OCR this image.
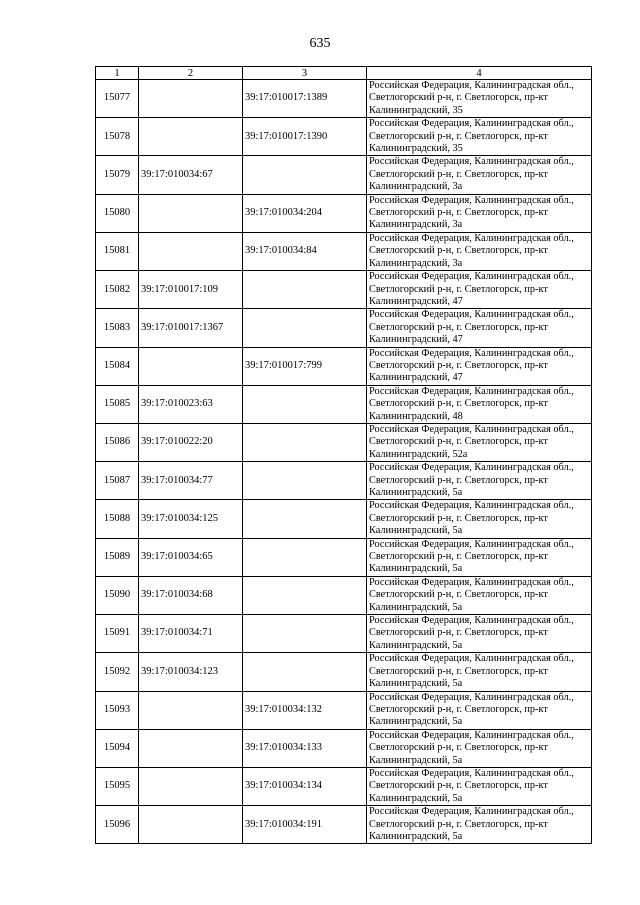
635
1	2	3	4
15077		39:17:010017:1389	Российская Федерация, Калининградская обл.,
Светлогорский р-н, г. Светлогорск, пр-кт
Калининградский, 35

15078		39:17:010017:1390	Российская Федерация, Калининградская обл.,
Светлогорский р-н, г. Светлогорск, пр-кт
Калининградский, 35

15079	39:17:010034:67		Российская Федерация, Калининградская обл.,
Светлогорский р-н, г. Светлогорск, пр-кт
Калининградский, 3а

15080		39:17:010034:204	Российская Федерация, Калининградская обл.,
Светлогорский р-н, г. Светлогорск, пр-кт
Калининградский, 3а

15081		39:17:010034:84	Российская Федерация, Калининградская обл.,
Светлогорский р-н, г. Светлогорск, пр-кт
Калининградский, 3а

15082	39:17:010017:109		Российская Федерация, Калининградская обл.,
Светлогорский р-н, г. Светлогорск, пр-кт
Калининградский, 47

15083	39:17:010017:1367		Российская Федерация, Калининградская обл.,
Светлогорский р-н, г. Светлогорск, пр-кт
Калининградский, 47

15084		39:17:010017:799	Российская Федерация, Калининградская обл.,
Светлогорский р-н, г. Светлогорск, пр-кт
Калининградский, 47

15085	39:17:010023:63		Российская Федерация, Калининградская обл.,
Светлогорский р-н, г. Светлогорск, пр-кт
Калининградский, 48

15086	39:17:010022:20		Российская Федерация, Калининградская обл.,
Светлогорский р-н, г. Светлогорск, пр-кт
Калининградский, 52а

15087	39:17:010034:77		Российская Федерация, Калининградская обл.,
Светлогорский р-н, г. Светлогорск, пр-кт
Калининградский, 5а

15088	39:17:010034:125		Российская Федерация, Калининградская обл.,
Светлогорский р-н, г. Светлогорск, пр-кт
Калининградский, 5а

15089	39:17:010034:65		Российская Федерация, Калининградская обл.,
Светлогорский р-н, г. Светлогорск, пр-кт
Калининградский, 5а

15090	39:17:010034:68		Российская Федерация, Калининградская обл.,
Светлогорский р-н, г. Светлогорск, пр-кт
Калининградский, 5а

15091	39:17:010034:71		Российская Федерация, Калининградская обл.,
Светлогорский р-н, г. Светлогорск, пр-кт
Калининградский, 5а

15092	39:17:010034:123		Российская Федерация, Калининградская обл.,
Светлогорский р-н, г. Светлогорск, пр-кт
Калининградский, 5а

15093		39:17:010034:132	Российская Федерация, Калининградская обл.,
Светлогорский р-н, г. Светлогорск, пр-кт
Калининградский, 5а

15094		39:17:010034:133	Российская Федерация, Калининградская обл.,
Светлогорский р-н, г. Светлогорск, пр-кт
Калининградский, 5а

15095		39:17:010034:134	Российская Федерация, Калининградская обл.,
Светлогорский р-н, г. Светлогорск, пр-кт
Калининградский, 5а

15096		39:17:010034:191	Российская Федерация, Калининградская обл.,
Светлогорский р-н, г. Светлогорск, пр-кт
Калининградский, 5а
